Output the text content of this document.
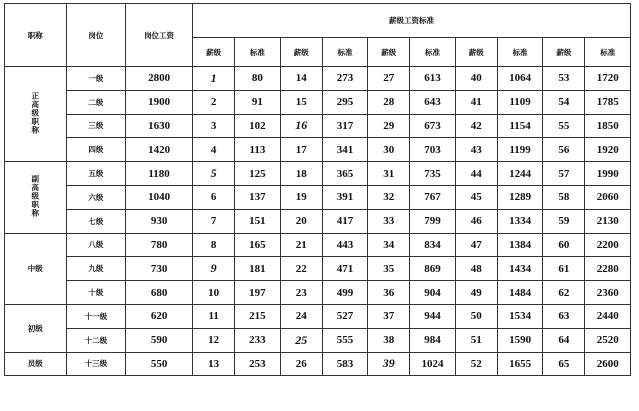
职称	岗位	岗位工资	薪级工资标准									
			薪级	标准	薪级	标准	薪级	标准	薪级	标准	薪级	标准
正高级职称	一级	2800	1	80	14	273	27	613	40	1064	53	1720
	二级	1900	2	91	15	295	28	643	41	1109	54	1785
	三级	1630	3	102	16	317	29	673	42	1154	55	1850
	四级	1420	4	113	17	341	30	703	43	1199	56	1920
副高级职称	五级	1180	5	125	18	365	31	735	44	1244	57	1990
	六级	1040	6	137	19	391	32	767	45	1289	58	2060
	七级	930	7	151	20	417	33	799	46	1334	59	2130
中级	八级	780	8	165	21	443	34	834	47	1384	60	2200
	九级	730	9	181	22	471	35	869	48	1434	61	2280
	十级	680	10	197	23	499	36	904	49	1484	62	2360
初级	十一级	620	11	215	24	527	37	944	50	1534	63	2440
	十二级	590	12	233	25	555	38	984	51	1590	64	2520
员级	十三级	550	13	253	26	583	39	1024	52	1655	65	2600
